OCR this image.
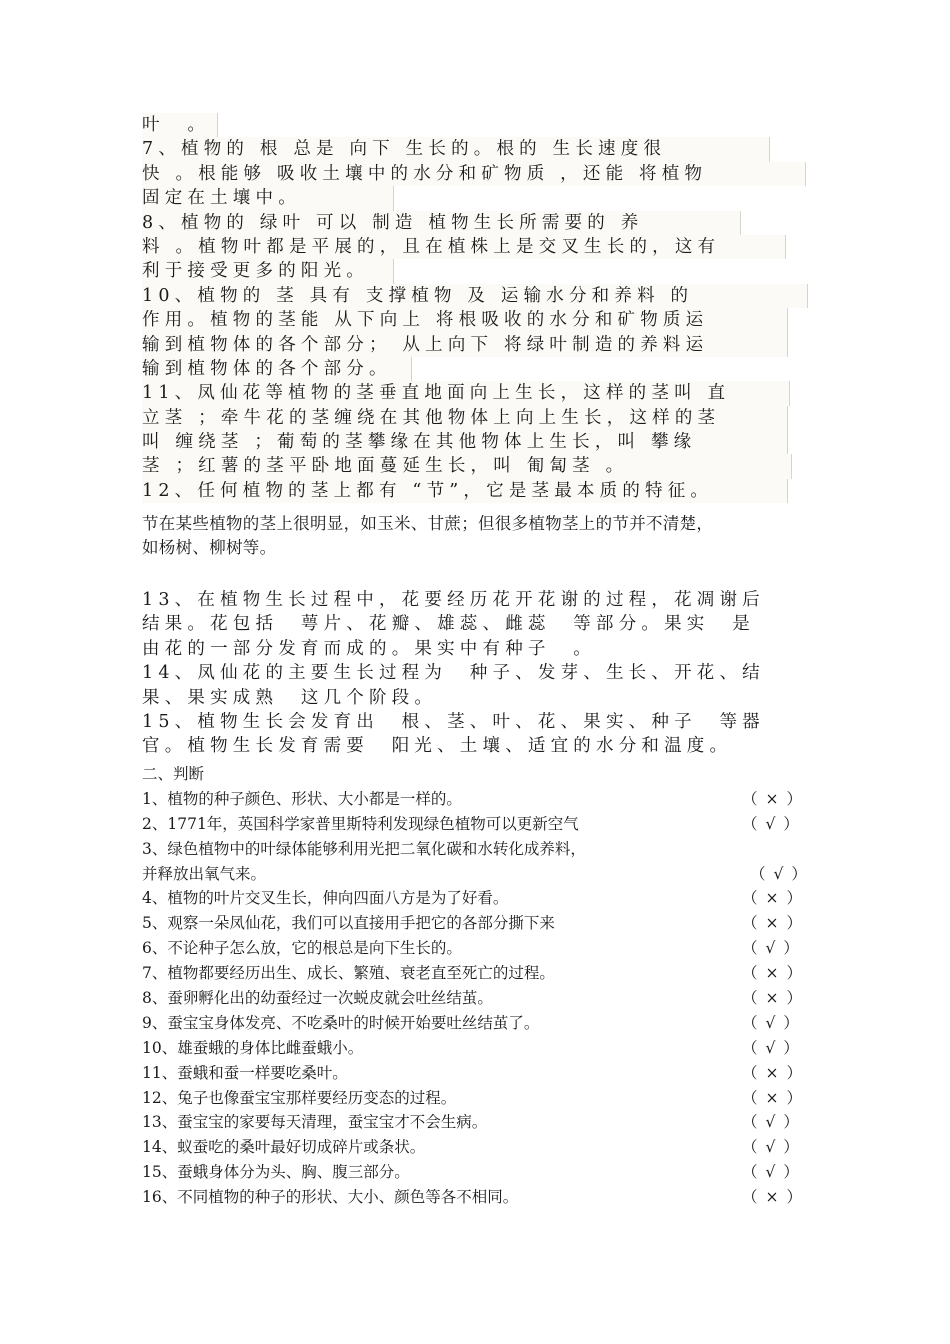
叶　。
7、植物的 根 总是 向下 生长的。根的 生长速度很
快 。根能够 吸收土壤中的水分和矿物质 ，还能 将植物
固定在土壤中。
8、植物的 绿叶 可以 制造 植物生长所需要的 养
料 。植物叶都是平展的，且在植株上是交叉生长的，这有
利于接受更多的阳光。
10、植物的 茎 具有 支撑植物 及 运输水分和养料 的
作用。植物的茎能 从下向上 将根吸收的水分和矿物质运
输到植物体的各个部分； 从上向下 将绿叶制造的养料运
输到植物体的各个部分。
11、凤仙花等植物的茎垂直地面向上生长，这样的茎叫 直
立茎 ；牵牛花的茎缠绕在其他物体上向上生长，这样的茎
叫 缠绕茎 ；葡萄的茎攀缘在其他物体上生长，叫 攀缘
茎 ；红薯的茎平卧地面蔓延生长，叫 匍匐茎 。
12、任何植物的茎上都有 “节”，它是茎最本质的特征。
节在某些植物的茎上很明显，如玉米、甘蔗；但很多植物茎上的节并不清楚，
如杨树、柳树等。
13、在植物生长过程中，花要经历花开花谢的过程，花凋谢后
结果。花包括　萼片、花瓣、雄蕊、雌蕊　等部分。果实　是
由花的一部分发育而成的。果实中有种子　。
14、凤仙花的主要生长过程为　种子、发芽、生长、开花、结
果、果实成熟　这几个阶段。
15、植物生长会发育出　根、茎、叶、花、果实、种子　等器
官。植物生长发育需要　阳光、土壤、适宜的水分和温度。
二、判断
1、植物的种子颜色、形状、大小都是一样的。	（×）
2、1771年，英国科学家普里斯特利发现绿色植物可以更新空气	（√）
3、绿色植物中的叶绿体能够利用光把二氧化碳和水转化成养料，
并释放出氧气来。	（√）
4、植物的叶片交叉生长，伸向四面八方是为了好看。	（×）
5、观察一朵凤仙花，我们可以直接用手把它的各部分撕下来	（×）
6、不论种子怎么放，它的根总是向下生长的。	（√）
7、植物都要经历出生、成长、繁殖、衰老直至死亡的过程。	（×）
8、蚕卵孵化出的幼蚕经过一次蜕皮就会吐丝结茧。	（×）
9、蚕宝宝身体发亮、不吃桑叶的时候开始要吐丝结茧了。	（√）
10、雄蚕蛾的身体比雌蚕蛾小。	（√）
11、蚕蛾和蚕一样要吃桑叶。	（×）
12、兔子也像蚕宝宝那样要经历变态的过程。	（×）
13、蚕宝宝的家要每天清理，蚕宝宝才不会生病。	（√）
14、蚁蚕吃的桑叶最好切成碎片或条状。	（√）
15、蚕蛾身体分为头、胸、腹三部分。	（√）
16、不同植物的种子的形状、大小、颜色等各不相同。	（×）
